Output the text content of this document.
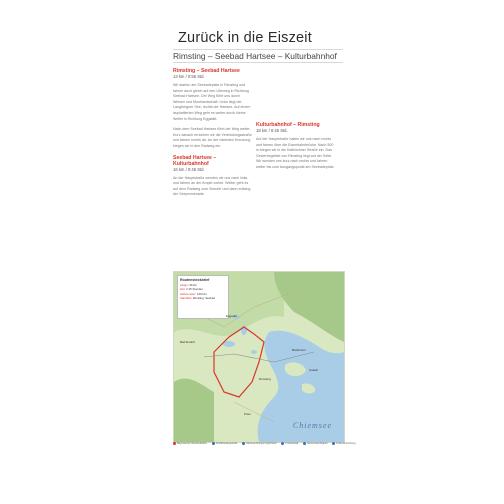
Zurück in die Eiszeit
Rimsting – Seebad Hartsee – Kulturbahnhof
Rimsting – Seebad Hartsee
13 km / 0:56 Std.

Wir starten am Seebadeplatz in Rimsting und fahren auch gleich auf den Uferweg in Richtung Seebad Hartsee. Der Weg führt uns durch Wiesen und Moorlandschaft. Links liegt der Langbürgner See, rechts der Hartsee. Auf einem asphaltierten Weg geht es weiter durch kleine Weiler in Richtung Eggstätt.

Nach dem Seebad Hartsee führt der Weg weiter. Kurz danach erreichen wir die Verbindungsstraße und fahren rechts ab. An der nächsten Kreuzung biegen wir in den Radweg ein.

Seebad Hartsee – Kulturbahnhof
16 km / 0:45 Std.

An der Hauptstraße wenden wir uns nach links und fahren an der Ampel vorbei. Weiter geht es auf dem Radweg zum Seeufer und dann entlang der Seepromenade.

Kulturbahnhof – Rimsting
18 km / 0:45 Std.

Auf der Hauptstraße halten wir uns nach rechts und fahren über die Eisenbahnbrücke. Nach 500 m biegen wir in die Kaltkirchner Straße ein. Das Gewerbegebiet von Rimsting liegt auf der Seite. Wir wenden uns kurz nach rechts und fahren weiter bis zum Ausgangspunkt am Seebadeplatz.

Routensteckbrief
Länge: 33 km
Zeit: 2:15 Stunden
Höhenmeter: 140 Hm
Start/Ziel: Rimsting, Seebad
Eggstätt
Bad Endorf
Gstadt
Prien
Rimsting
Breitbrunn
Chiemsee
Bayerische Oberlandbahn	Schiffsanlegestelle	Übernachtungsmöglichkeit	Freizeitbad	Sehenswürdigkeit	Kultureinrichtung
